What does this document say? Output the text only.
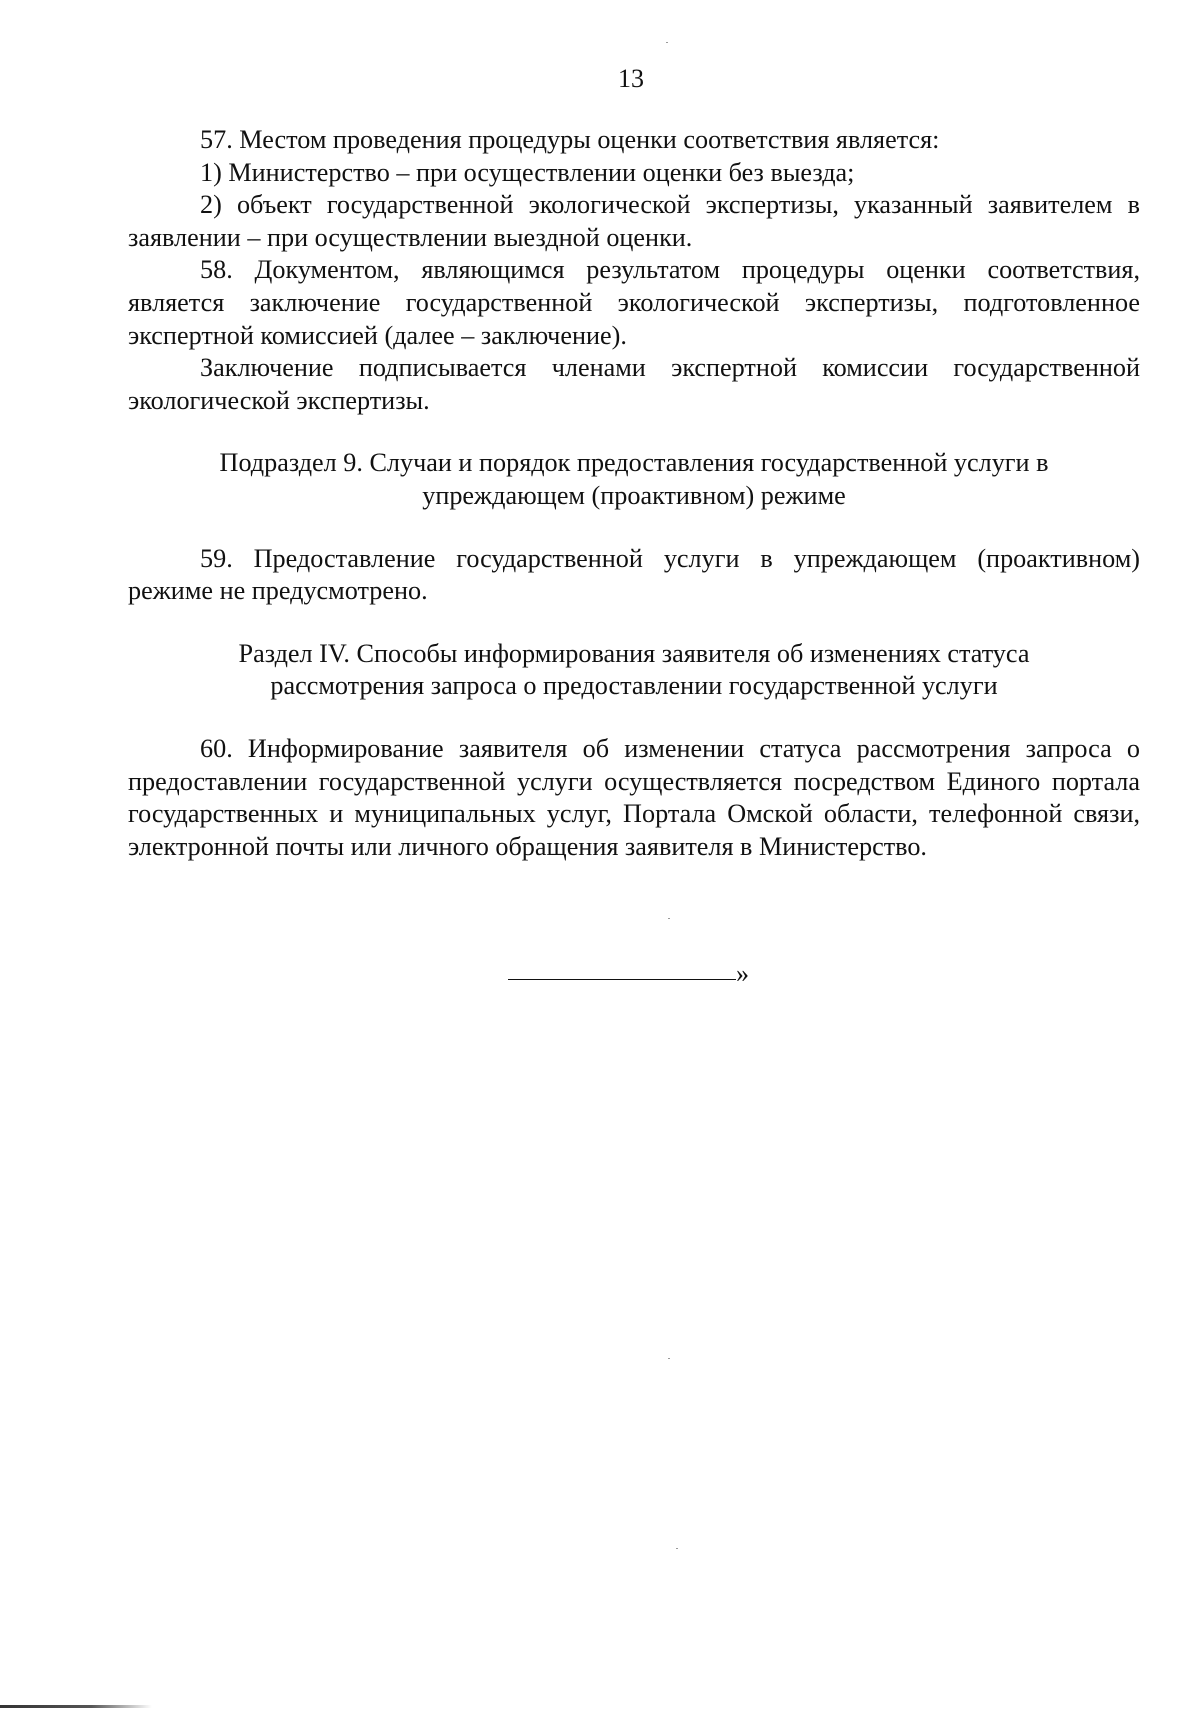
13

57. Местом проведения процедуры оценки соответствия является:

1) Министерство – при осуществлении оценки без выезда;

2) объект государственной экологической экспертизы, указанный заявителем в заявлении – при осуществлении выездной оценки.

58. Документом, являющимся результатом процедуры оценки соответствия, является заключение государственной экологической экспертизы, подготовленное экспертной комиссией (далее – заключение).

Заключение подписывается членами экспертной комиссии государственной экологической экспертизы.

Подраздел 9. Случаи и порядок предоставления государственной услуги в

упреждающем (проактивном) режиме

59. Предоставление государственной услуги в упреждающем (проактивном) режиме не предусмотрено.

Раздел IV. Способы информирования заявителя об изменениях статуса

рассмотрения запроса о предоставлении государственной услуги

60. Информирование заявителя об изменении статуса рассмотрения запроса о предоставлении государственной услуги осуществляется посредством Единого портала государственных и муниципальных услуг, Портала Омской области, телефонной связи, электронной почты или личного обращения заявителя в Министерство.

»
